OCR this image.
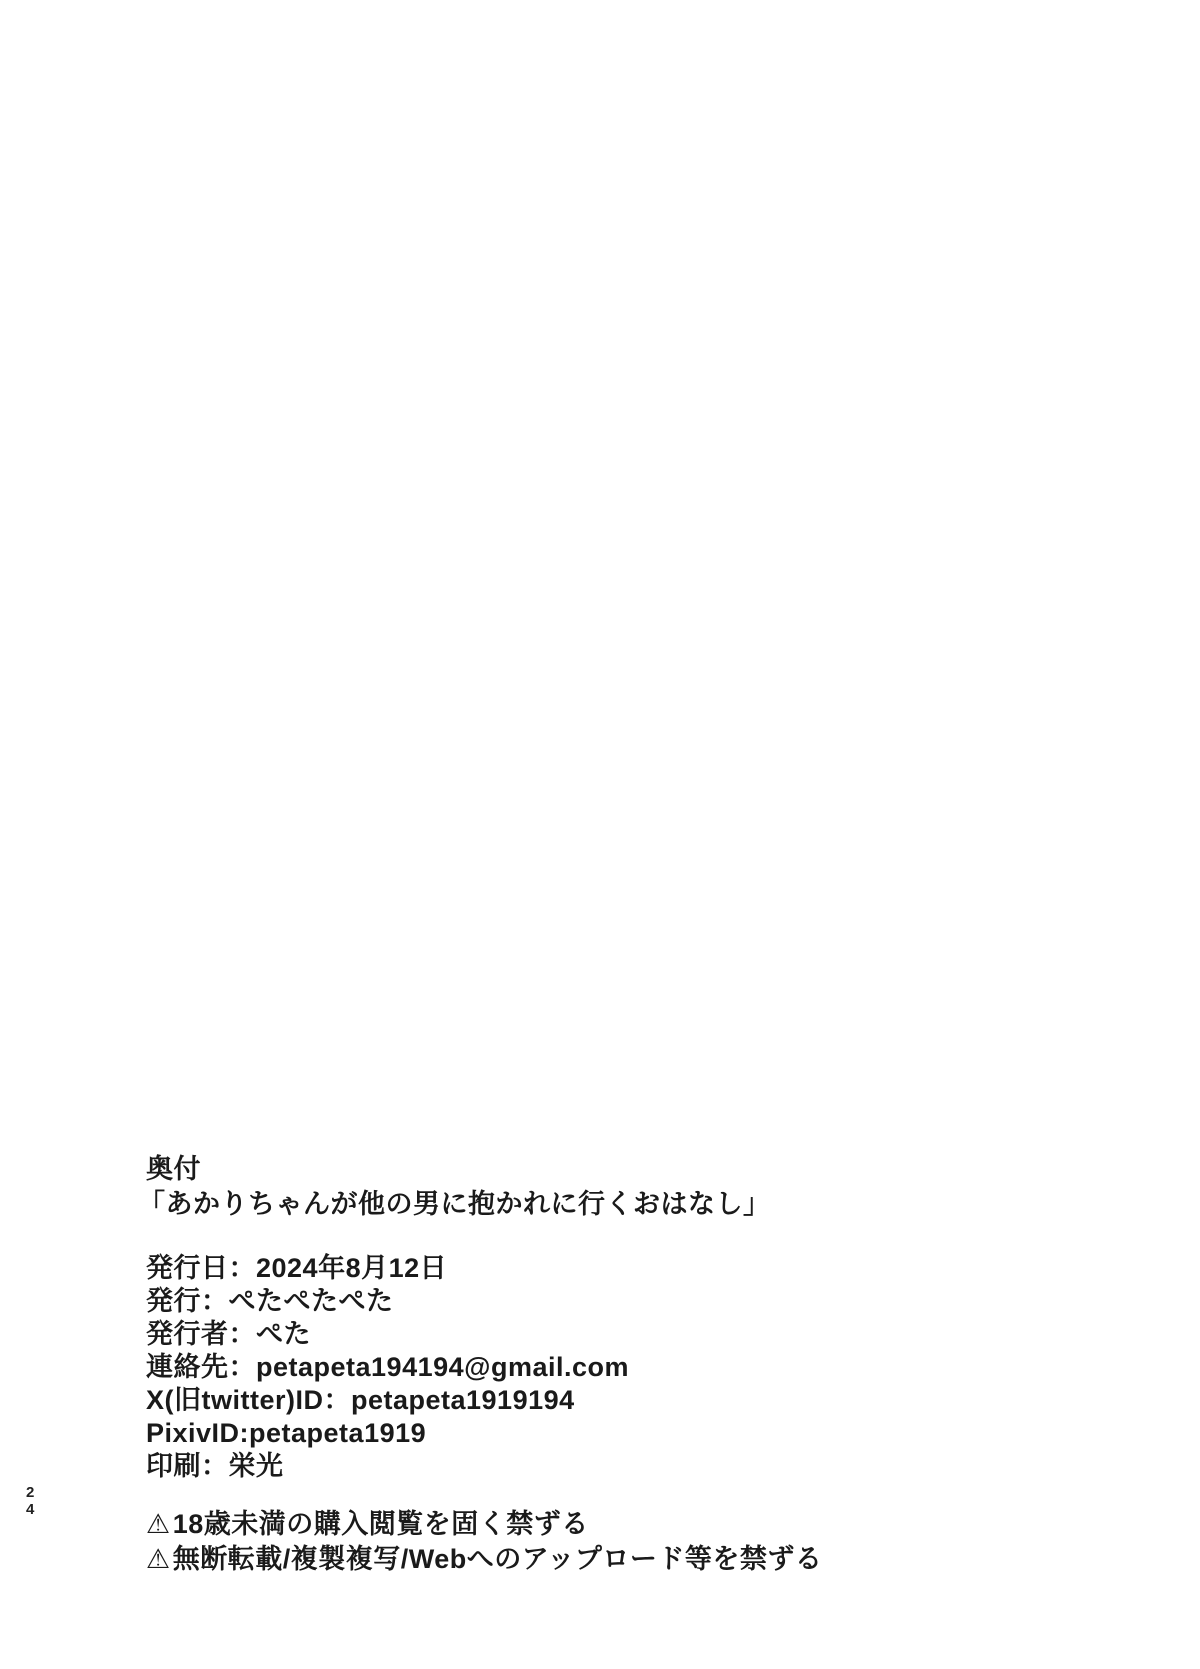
2
4
奥付
「あかりちゃんが他の男に抱かれに行くおはなし」
発行日：2024年8月12日
発行：ぺたぺたぺた
発行者：ぺた
連絡先：petapeta194194@gmail.com
X(旧twitter)ID：petapeta1919194
PixivID:petapeta1919
印刷：栄光
⚠18歳未満の購入閲覧を固く禁ずる
⚠無断転載/複製複写/Webへのアップロード等を禁ずる
